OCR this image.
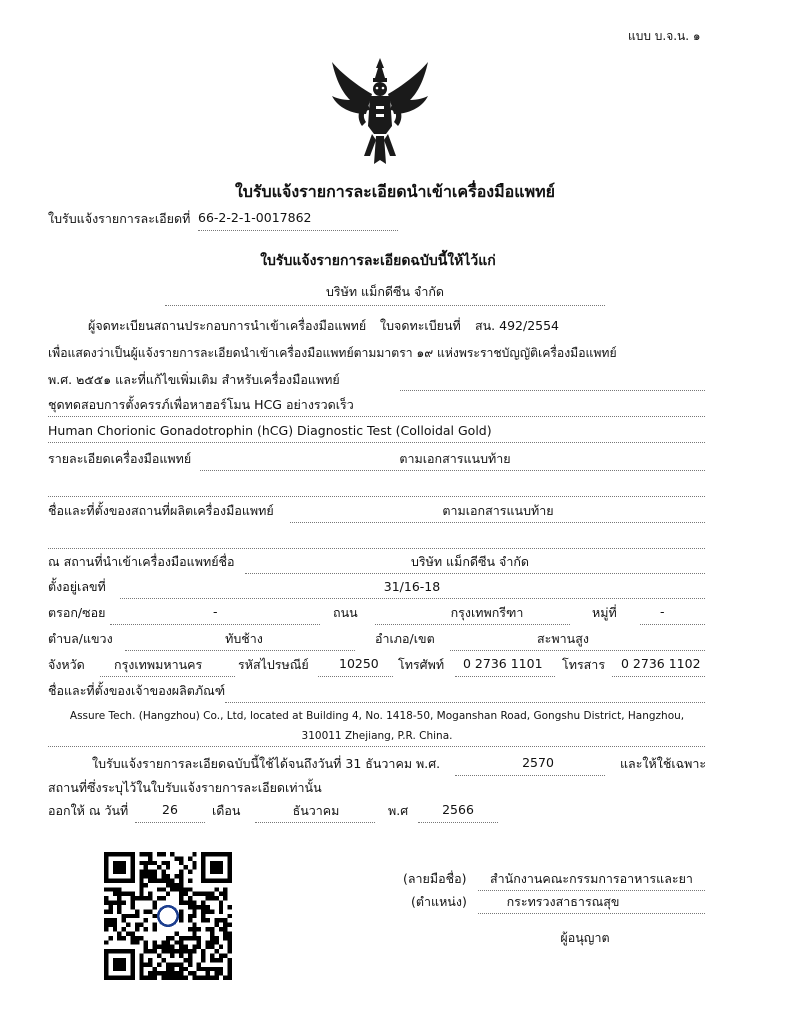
แบบ บ.จ.น. ๑
ใบรับแจ้งรายการละเอียดนำเข้าเครื่องมือแพทย์
ใบรับแจ้งรายการละเอียดที่ 66-2-2-1-0017862
ใบรับแจ้งรายการละเอียดฉบับนี้ให้ไว้แก่
บริษัท แม็กดีซีน จำกัด
ผู้จดทะเบียนสถานประกอบการนำเข้าเครื่องมือแพทย์ ใบจดทะเบียนที่ สน. 492/2554
เพื่อแสดงว่าเป็นผู้แจ้งรายการละเอียดนำเข้าเครื่องมือแพทย์ตามมาตรา ๑๙ แห่งพระราชบัญญัติเครื่องมือแพทย์
พ.ศ. ๒๕๕๑ และที่แก้ไขเพิ่มเติม สำหรับเครื่องมือแพทย์
ชุดทดสอบการตั้งครรภ์เพื่อหาฮอร์โมน HCG อย่างรวดเร็ว
Human Chorionic Gonadotrophin (hCG) Diagnostic Test (Colloidal Gold)
รายละเอียดเครื่องมือแพทย์	ตามเอกสารแนบท้าย
ชื่อและที่ตั้งของสถานที่ผลิตเครื่องมือแพทย์	ตามเอกสารแนบท้าย
ณ สถานที่นำเข้าเครื่องมือแพทย์ชื่อ	บริษัท แม็กดีซีน จำกัด
ตั้งอยู่เลขที่	31/16-18
ตรอก/ซอย	-	ถนน	กรุงเทพกรีฑา	หมู่ที่	-
ตำบล/แขวง	ทับช้าง	อำเภอ/เขต	สะพานสูง
จังหวัด กรุงเทพมหานคร	รหัสไปรษณีย์ 10250 โทรศัพท์ 0 2736 1101 โทรสาร 0 2736 1102
ชื่อและที่ตั้งของเจ้าของผลิตภัณฑ์
Assure Tech. (Hangzhou) Co., Ltd, located at Building 4, No. 1418-50, Moganshan Road, Gongshu District, Hangzhou,
310011 Zhejiang, P.R. China.
ใบรับแจ้งรายการละเอียดฉบับนี้ใช้ได้จนถึงวันที่ 31 ธันวาคม พ.ศ.	2570	และให้ใช้เฉพาะ
สถานที่ซึ่งระบุไว้ในใบรับแจ้งรายการละเอียดเท่านั้น
ออกให้ ณ วันที่	26	เดือน	ธันวาคม	พ.ศ	2566
(ลายมือชื่อ) สำนักงานคณะกรรมการอาหารและยา
(ตำแหน่ง)	กระทรวงสาธารณสุข
ผู้อนุญาต
